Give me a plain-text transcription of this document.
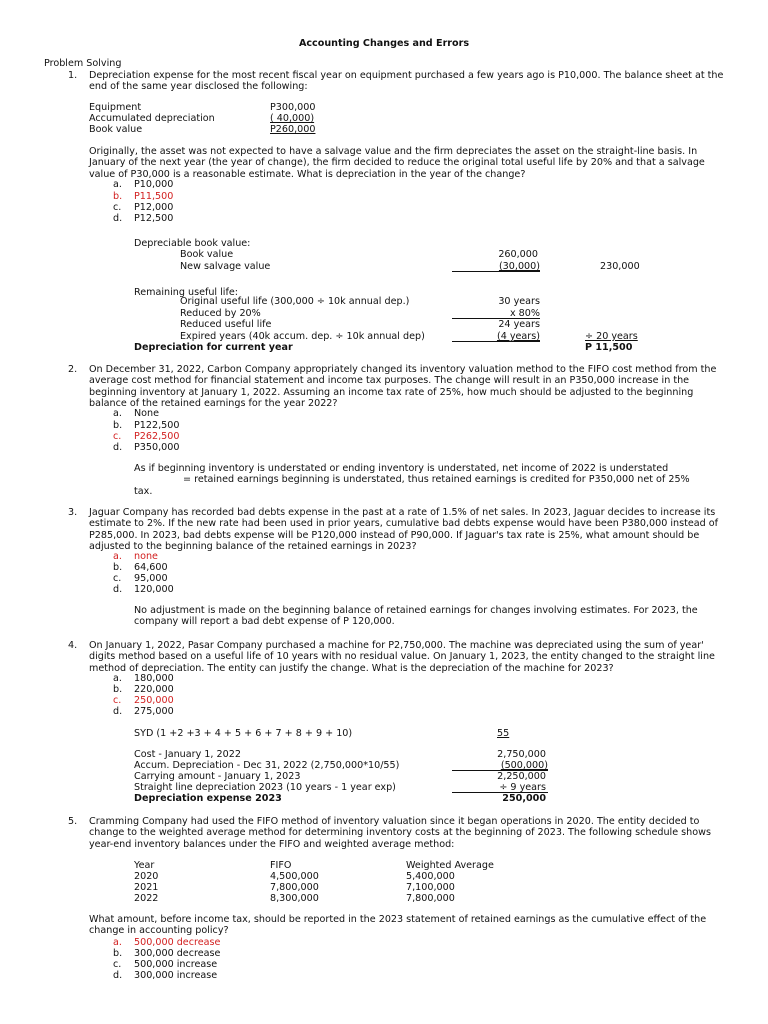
Accounting Changes and Errors
Problem Solving
1. Depreciation expense for the most recent fiscal year on equipment purchased a few years ago is P10,000. The balance sheet at the end of the same year disclosed the following:
Equipment	P300,000
Accumulated depreciation	( 40,000)
Book value	P260,000
Originally, the asset was not expected to have a salvage value and the firm depreciates the asset on the straight-line basis. In January of the next year (the year of change), the firm decided to reduce the original total useful life by 20% and that a salvage value of P30,000 is a reasonable estimate. What is depreciation in the year of the change?
a. P10,000
b. P11,500
c. P12,000
d. P12,500
Depreciable book value:
Book value	260,000
New salvage value	(30,000)	230,000
Remaining useful life:
Original useful life (300,000 ÷ 10k annual dep.)	30 years
Reduced by 20%	x 80%
Reduced useful life	24 years
Expired years (40k accum. dep. ÷ 10k annual dep)	(4 years)	÷ 20 years
Depreciation for current year	P 11,500
2. On December 31, 2022, Carbon Company appropriately changed its inventory valuation method to the FIFO cost method from the average cost method for financial statement and income tax purposes. The change will result in an P350,000 increase in the beginning inventory at January 1, 2022. Assuming an income tax rate of 25%, how much should be adjusted to the beginning balance of the retained earnings for the year 2022?
a. None
b. P122,500
c. P262,500
d. P350,000
As if beginning inventory is understated or ending inventory is understated, net income of 2022 is understated
= retained earnings beginning is understated, thus retained earnings is credited for P350,000 net of 25%
tax.
3. Jaguar Company has recorded bad debts expense in the past at a rate of 1.5% of net sales. In 2023, Jaguar decides to increase its estimate to 2%. If the new rate had been used in prior years, cumulative bad debts expense would have been P380,000 instead of P285,000. In 2023, bad debts expense will be P120,000 instead of P90,000. If Jaguar's tax rate is 25%, what amount should be adjusted to the beginning balance of the retained earnings in 2023?
a. none
b. 64,600
c. 95,000
d. 120,000
No adjustment is made on the beginning balance of retained earnings for changes involving estimates. For 2023, the company will report a bad debt expense of P 120,000.
4. On January 1, 2022, Pasar Company purchased a machine for P2,750,000. The machine was depreciated using the sum of year' digits method based on a useful life of 10 years with no residual value. On January 1, 2023, the entity changed to the straight line method of depreciation. The entity can justify the change. What is the depreciation of the machine for 2023?
a. 180,000
b. 220,000
c. 250,000
d. 275,000
SYD (1 +2 +3 + 4 + 5 + 6 + 7 + 8 + 9 + 10)	55
Cost - January 1, 2022	2,750,000
Accum. Depreciation - Dec 31, 2022 (2,750,000*10/55)	(500,000)
Carrying amount - January 1, 2023	2,250,000
Straight line depreciation 2023 (10 years - 1 year exp)	÷ 9 years
Depreciation expense 2023	250,000
5. Cramming Company had used the FIFO method of inventory valuation since it began operations in 2020. The entity decided to change to the weighted average method for determining inventory costs at the beginning of 2023. The following schedule shows year-end inventory balances under the FIFO and weighted average method:
Year	FIFO	Weighted Average
2020	4,500,000	5,400,000
2021	7,800,000	7,100,000
2022	8,300,000	7,800,000
What amount, before income tax, should be reported in the 2023 statement of retained earnings as the cumulative effect of the change in accounting policy?
a. 500,000 decrease
b. 300,000 decrease
c. 500,000 increase
d. 300,000 increase
